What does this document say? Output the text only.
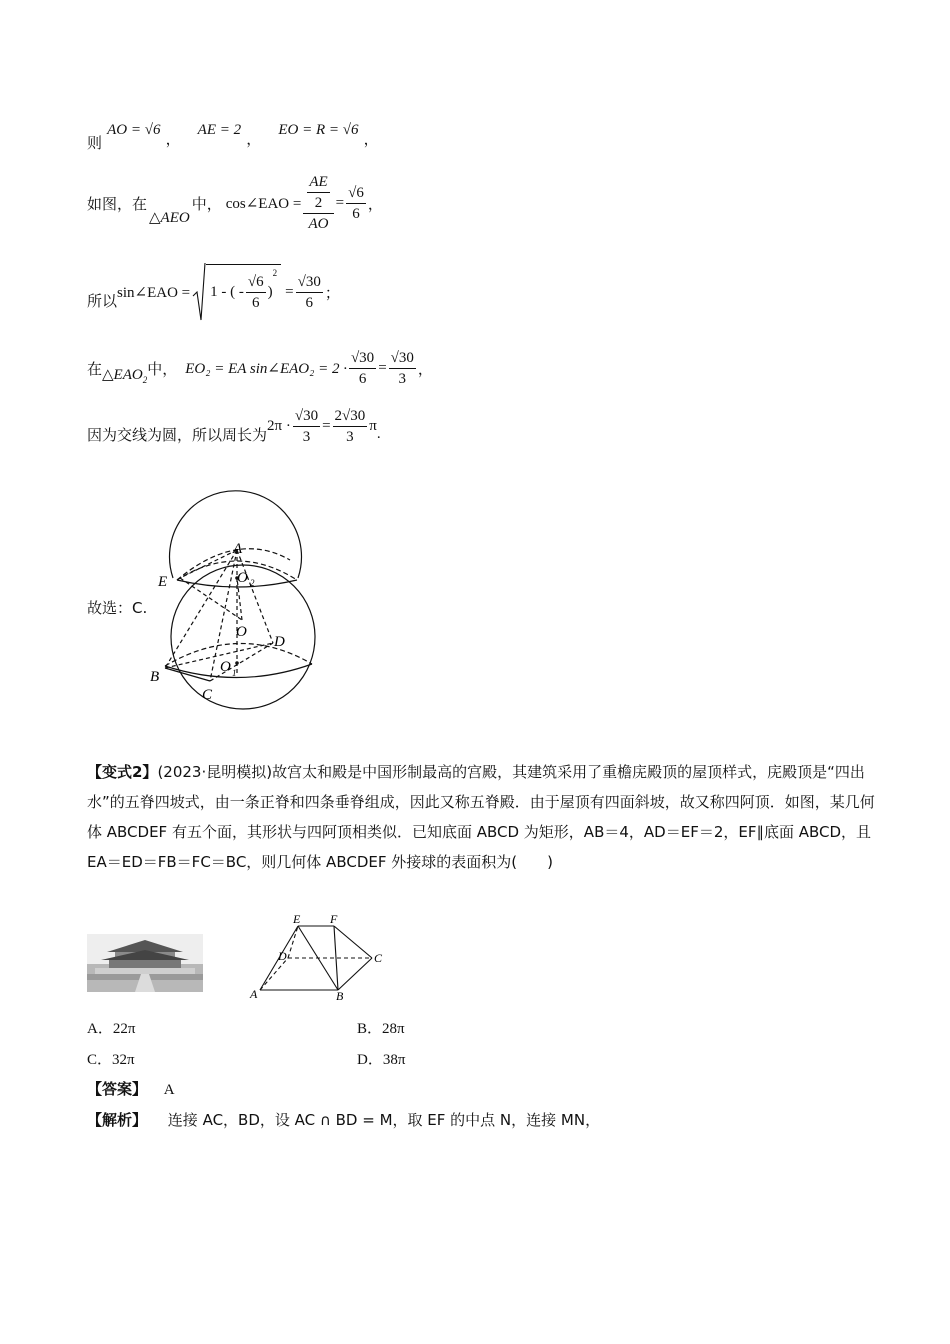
则 AO = √6 ， AE = 2 ， EO = R = √6 ，
如图，在
△AEO
中， cos∠EAO = $\frac{\frac{AE}{2}}{AO} = \frac{√6}{6}$ ，
所以 sin∠EAO = 1 - ( - $\frac{√6}{6}$ )
2
= $\frac{√30}{6}$ ；
在 $\triangle EAO_2$
中， EO₂ = EA sin∠EAO₂ = $2 \cdot \frac{√30}{6} = \frac{√30}{3}$ ，
因为交线为圆，所以周长为 $2\pi \cdot \frac{√30}{3} = \frac{2√30}{3}$ π .
故选：C.
A
E	O 2
O
D
O 1
B
C
【变式2】(2023·昆明模拟)故宫太和殿是中国形制最高的宫殿，其建筑采用了重檐庑殿顶的屋顶样式，庑殿顶是“四出水”的五脊四坡式，由一条正脊和四条垂脊组成，因此又称五脊殿．由于屋顶有四面斜坡，故又称四阿顶．如图，某几何体 ABCDEF 有五个面，其形状与四阿顶相类似．已知底面 ABCD 为矩形，AB＝4，AD＝EF＝2，EF∥底面 ABCD，且 EA＝ED＝FB＝FC＝BC，则几何体 ABCDEF 外接球的表面积为(　　)
E F
D	C
A	B
A．22π	B．28π
C．32π	D．38π
【答案】 A
【解析】 连接 AC，BD，设 AC ∩ BD = M，取 EF 的中点 N，连接 MN，
